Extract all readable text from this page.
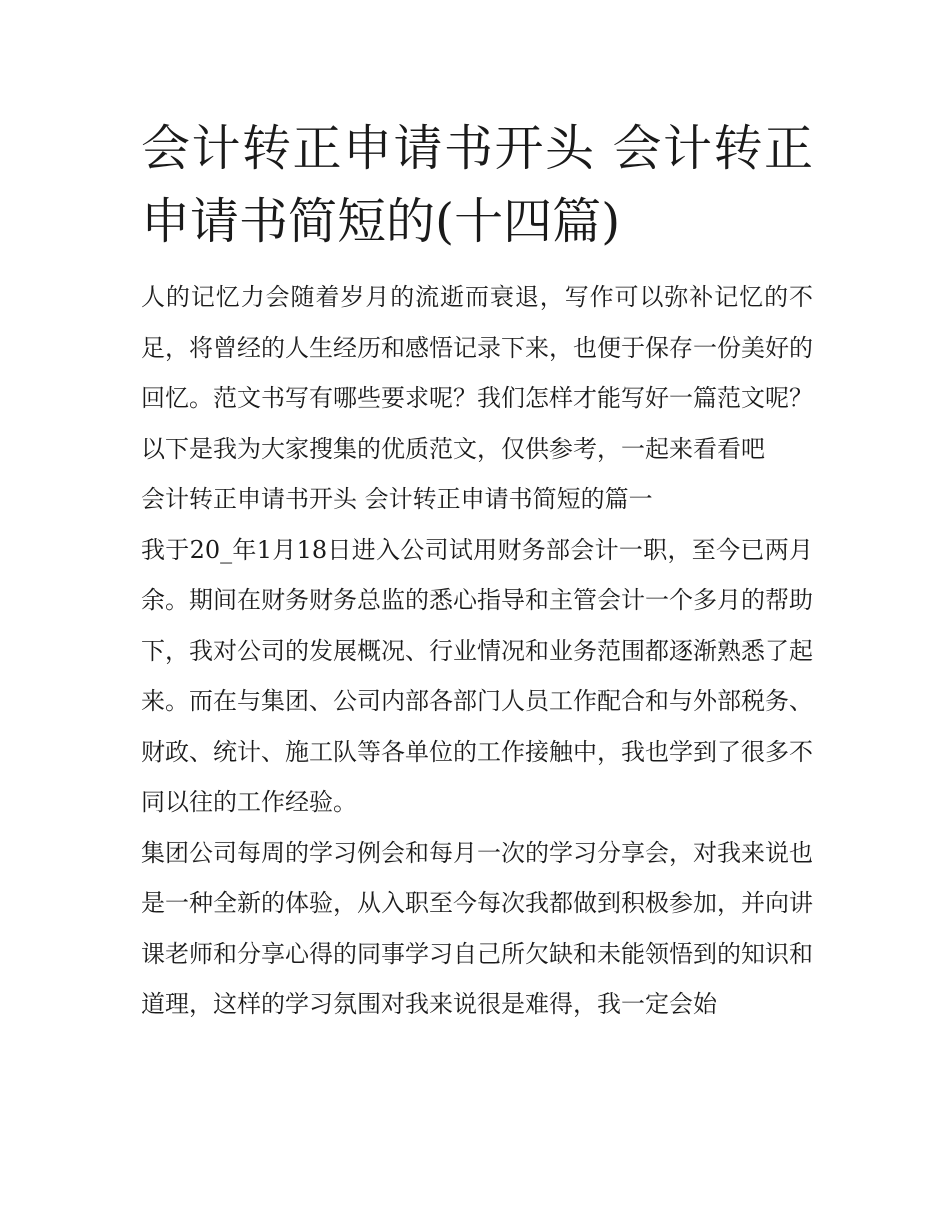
会计转正申请书开头 会计转正申请书简短的(十四篇)

人的记忆力会随着岁月的流逝而衰退，写作可以弥补记忆的不足，将曾经的人生经历和感悟记录下来，也便于保存一份美好的回忆。范文书写有哪些要求呢？我们怎样才能写好一篇范文呢？以下是我为大家搜集的优质范文，仅供参考，一起来看看吧

会计转正申请书开头 会计转正申请书简短的篇一

我于20_年1月18日进入公司试用财务部会计一职，至今已两月余。期间在财务财务总监的悉心指导和主管会计一个多月的帮助下，我对公司的发展概况、行业情况和业务范围都逐渐熟悉了起来。而在与集团、公司内部各部门人员工作配合和与外部税务、财政、统计、施工队等各单位的工作接触中，我也学到了很多不同以往的工作经验。

集团公司每周的学习例会和每月一次的学习分享会，对我来说也是一种全新的体验，从入职至今每次我都做到积极参加，并向讲课老师和分享心得的同事学习自己所欠缺和未能领悟到的知识和道理，这样的学习氛围对我来说很是难得，我一定会始
